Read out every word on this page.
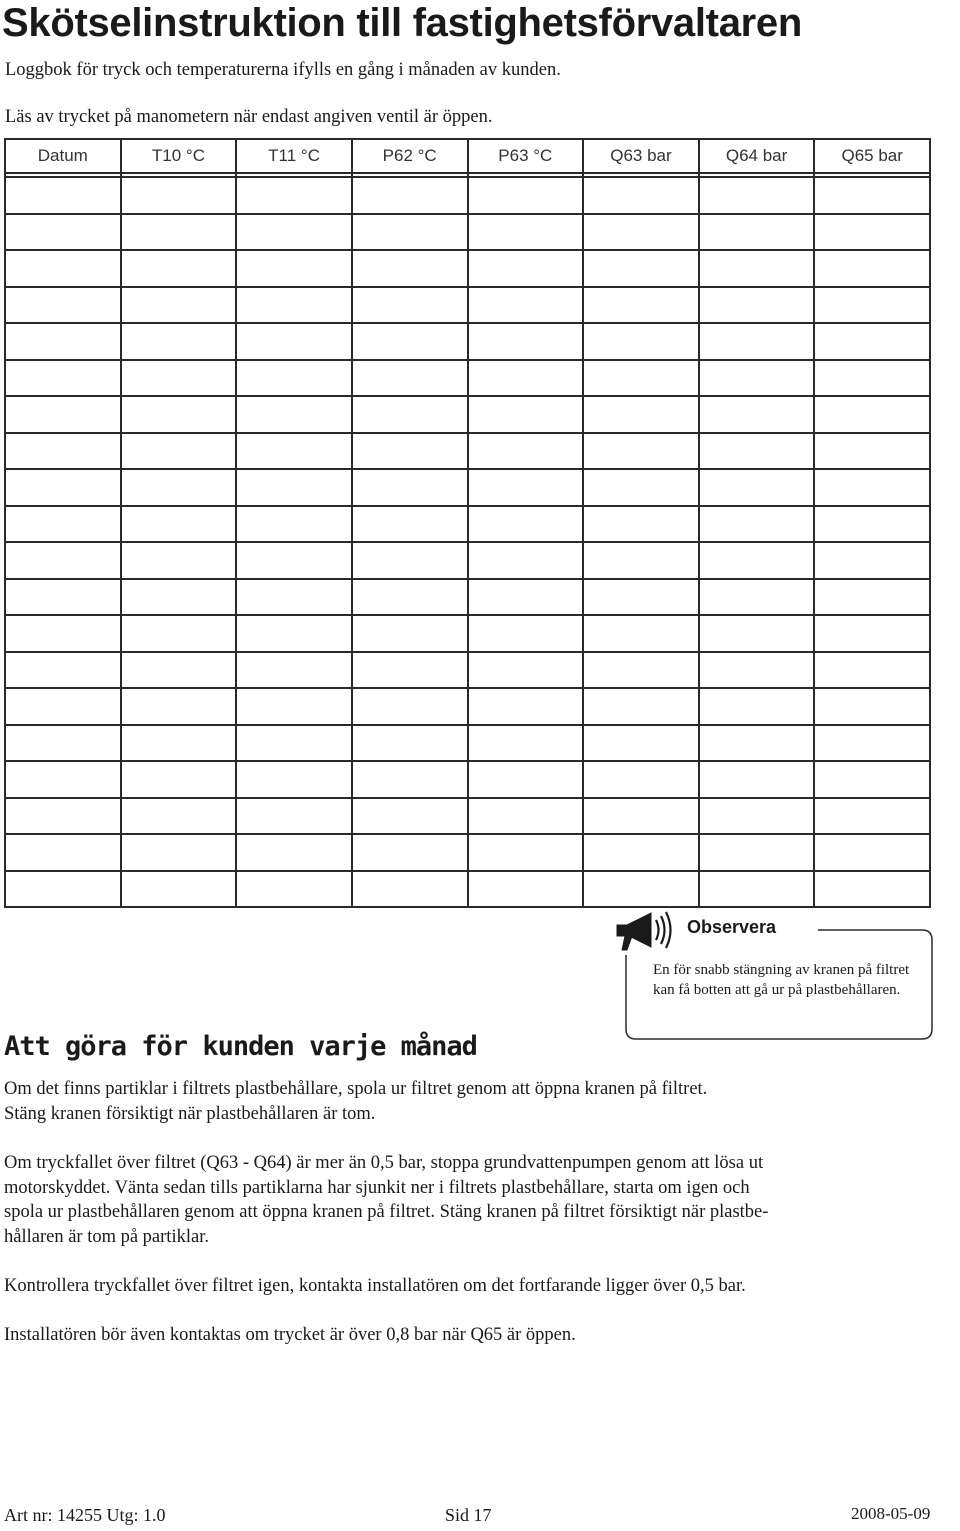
Skötselinstruktion till fastighetsförvaltaren
Loggbok för tryck och temperaturerna ifylls en gång i månaden av kunden.
Läs av trycket på manometern när endast angiven ventil är öppen.
Datum	T10 °C	T11 °C	P62 °C	P63 °C	Q63 bar	Q64 bar	Q65 bar

Observera
En för snabb stängning av kranen på filtret kan få botten att gå ur på plastbehållaren.
Att göra för kunden varje månad
Om det finns partiklar i filtrets plastbehållare, spola ur filtret genom att öppna kranen på filtret.
Stäng kranen försiktigt när plastbehållaren är tom.
Om tryckfallet över filtret (Q63 - Q64) är mer än 0,5 bar, stoppa grundvattenpumpen genom att lösa ut
motorskyddet. Vänta sedan tills partiklarna har sjunkit ner i filtrets plastbehållare, starta om igen och
spola ur plastbehållaren genom att öppna kranen på filtret. Stäng kranen på filtret försiktigt när plastbe-
hållaren är tom på partiklar.
Kontrollera tryckfallet över filtret igen, kontakta installatören om det fortfarande ligger över 0,5 bar.
Installatören bör även kontaktas om trycket är över 0,8 bar när Q65 är öppen.
Art nr: 14255 Utg: 1.0	Sid 17	2008-05-09
